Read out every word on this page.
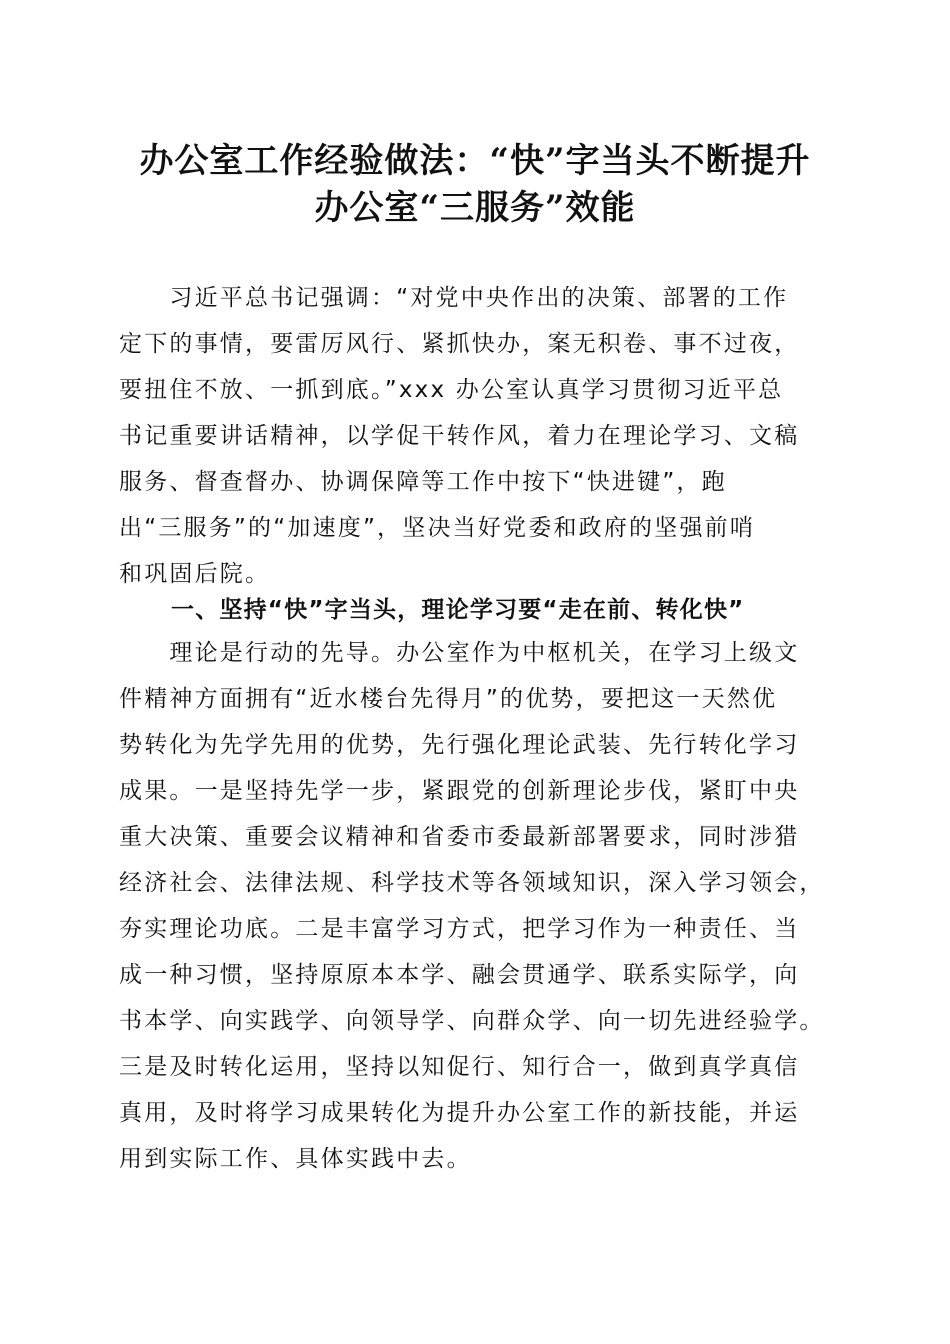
办公室工作经验做法：“快”字当头不断提升
办公室“三服务”效能
　　习近平总书记强调：“对党中央作出的决策、部署的工作
定下的事情，要雷厉风行、紧抓快办，案无积卷、事不过夜，
要扭住不放、一抓到底。”xxx 办公室认真学习贯彻习近平总
书记重要讲话精神，以学促干转作风，着力在理论学习、文稿
服务、督查督办、协调保障等工作中按下“快进键”，跑
出“三服务”的“加速度”，坚决当好党委和政府的坚强前哨
和巩固后院。
一、坚持“快”字当头，理论学习要“走在前、转化快”
　　理论是行动的先导。办公室作为中枢机关，在学习上级文
件精神方面拥有“近水楼台先得月”的优势，要把这一天然优
势转化为先学先用的优势，先行强化理论武装、先行转化学习
成果。一是坚持先学一步，紧跟党的创新理论步伐，紧盯中央
重大决策、重要会议精神和省委市委最新部署要求，同时涉猎
经济社会、法律法规、科学技术等各领域知识，深入学习领会，
夯实理论功底。二是丰富学习方式，把学习作为一种责任、当
成一种习惯，坚持原原本本学、融会贯通学、联系实际学，向
书本学、向实践学、向领导学、向群众学、向一切先进经验学。
三是及时转化运用，坚持以知促行、知行合一，做到真学真信
真用，及时将学习成果转化为提升办公室工作的新技能，并运
用到实际工作、具体实践中去。
